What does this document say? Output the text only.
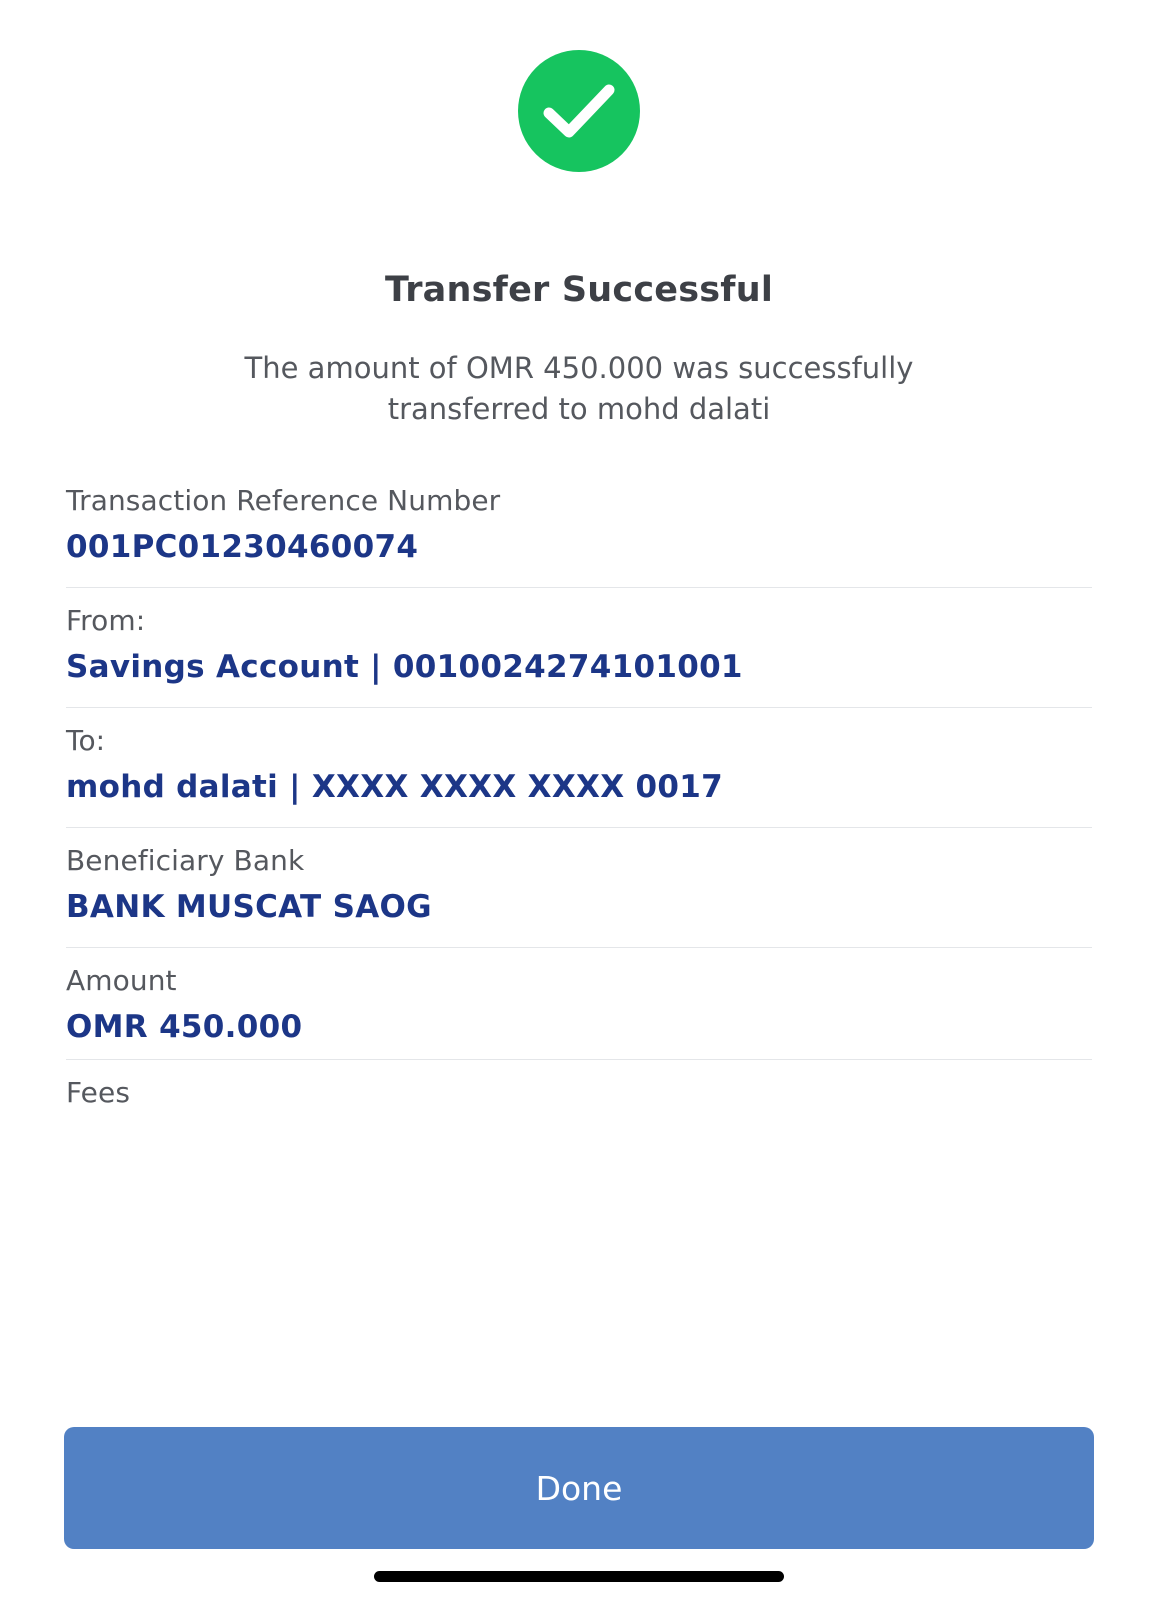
Transfer Successful
The amount of OMR 450.000 was successfully transferred to mohd dalati
Transaction Reference Number
001PC01230460074
From:
Savings Account | 0010024274101001
To:
mohd dalati | XXXX XXXX XXXX 0017
Beneficiary Bank
BANK MUSCAT SAOG
Amount
OMR 450.000
Fees
Done
